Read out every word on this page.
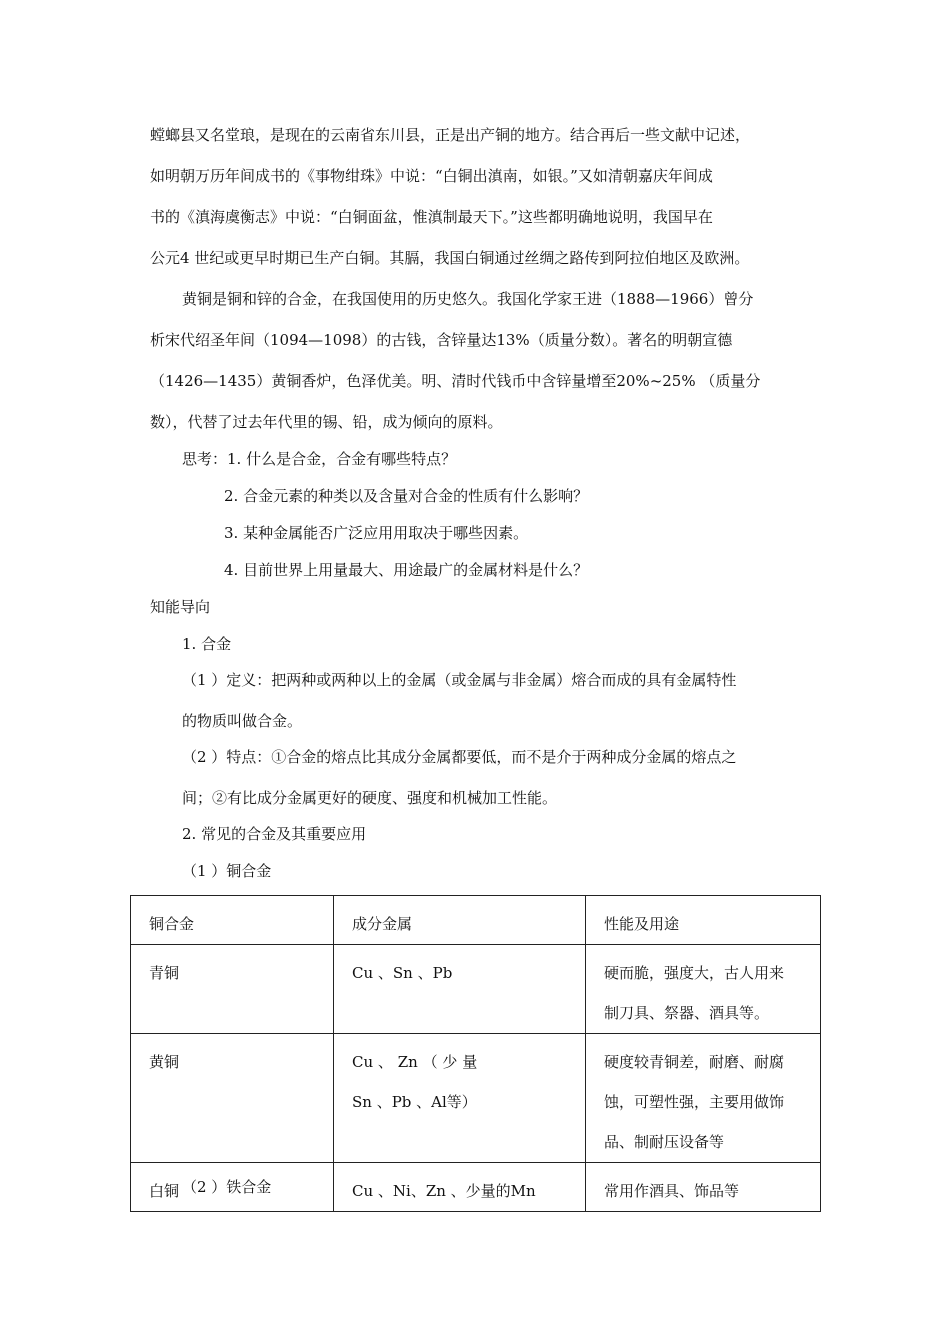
螳螂县又名堂琅，是现在的云南省东川县，正是出产铜的地方。结合再后一些文献中记述，
如明朝万历年间成书的《事物绀珠》中说：“白铜出滇南，如银。”又如清朝嘉庆年间成
书的《滇海虞衡志》中说：“白铜面盆，惟滇制最天下。”这些都明确地说明，我国早在
公元4 世纪或更早时期已生产白铜。其膈，我国白铜通过丝绸之路传到阿拉伯地区及欧洲。
黄铜是铜和锌的合金，在我国使用的历史悠久。我国化学家王进（1888—1966）曾分
析宋代绍圣年间（1094—1098）的古钱，含锌量达13%（质量分数）。著名的明朝宣德
（1426—1435）黄铜香炉，色泽优美。明、清时代钱币中含锌量增至20%~25% （质量分
数），代替了过去年代里的锡、铅，成为倾向的原料。
思考：1. 什么是合金，合金有哪些特点？
2. 合金元素的种类以及含量对合金的性质有什么影响？
3. 某种金属能否广泛应用用取决于哪些因素。
4. 目前世界上用量最大、用途最广的金属材料是什么？
知能导向
1. 合金
（1 ）定义：把两种或两种以上的金属（或金属与非金属）熔合而成的具有金属特性
的物质叫做合金。
（2 ）特点：①合金的熔点比其成分金属都要低，而不是介于两种成分金属的熔点之
间；②有比成分金属更好的硬度、强度和机械加工性能。
2. 常见的合金及其重要应用
（1 ）铜合金
铜合金	成分金属	性能及用途

青铜	Cu 、Sn 、Pb	硬而脆，强度大，古人用来
制刀具、祭器、酒具等。

黄铜	Cu 、 Zn （ 少 量
Sn 、Pb 、Al等）	硬度较青铜差，耐磨、耐腐
蚀，可塑性强，主要用做饰
品、制耐压设备等

白铜	Cu 、Ni、Zn 、少量的Mn	常用作酒具、饰品等
（2 ）铁合金
